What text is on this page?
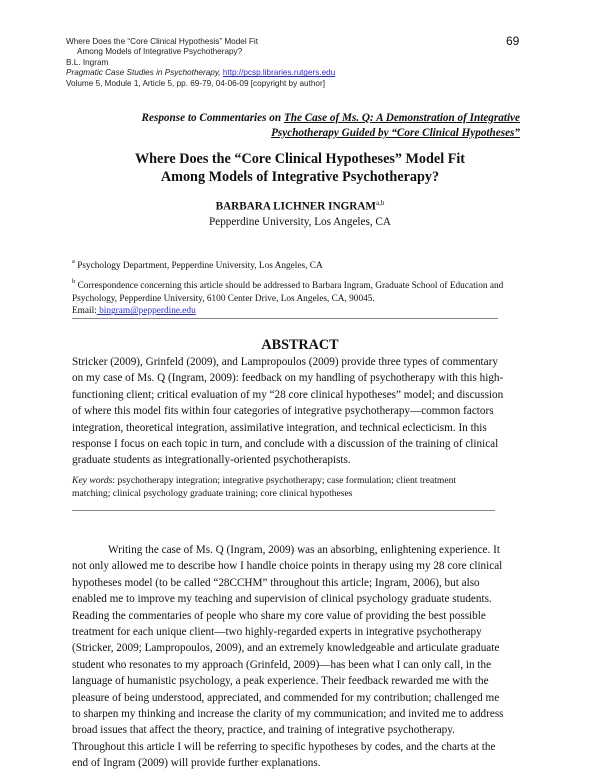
Where Does the “Core Clinical Hypothesis” Model Fit
Among Models of Integrative Psychotherapy?
B.L. Ingram
Pragmatic Case Studies in Psychotherapy, http://pcsp.libraries.rutgers.edu
Volume 5, Module 1, Article 5, pp. 69-79, 04-06-09 [copyright by author]
69
Response to Commentaries on The Case of Ms. Q: A Demonstration of Integrative
Psychotherapy Guided by “Core Clinical Hypotheses”
Where Does the “Core Clinical Hypotheses” Model Fit
Among Models of Integrative Psychotherapy?
BARBARA LICHNER INGRAM$^{a,b}$
Pepperdine University, Los Angeles, CA
$^a$ Psychology Department, Pepperdine University, Los Angeles, CA
$^b$ Correspondence concerning this article should be addressed to Barbara Ingram, Graduate School of Education and
Psychology, Pepperdine University, 6100 Center Drive, Los Angeles, CA, 90045.
Email: bingram@pepperdine.edu
ABSTRACT
Stricker (2009), Grinfeld (2009), and Lampropoulos (2009) provide three types of commentary
on my case of Ms. Q (Ingram, 2009): feedback on my handling of psychotherapy with this high-
functioning client; critical evaluation of my “28 core clinical hypotheses” model; and discussion
of where this model fits within four categories of integrative psychotherapy—common factors
integration, theoretical integration, assimilative integration, and technical eclecticism. In this
response I focus on each topic in turn, and conclude with a discussion of the training of clinical
graduate students as integrationally-oriented psychotherapists.
Key words: psychotherapy integration; integrative psychotherapy; case formulation; client treatment
matching; clinical psychology graduate training; core clinical hypotheses
Writing the case of Ms. Q (Ingram, 2009) was an absorbing, enlightening experience. It
not only allowed me to describe how I handle choice points in therapy using my 28 core clinical
hypotheses model (to be called “28CCHM” throughout this article; Ingram, 2006), but also
enabled me to improve my teaching and supervision of clinical psychology graduate students.
Reading the commentaries of people who share my core value of providing the best possible
treatment for each unique client—two highly-regarded experts in integrative psychotherapy
(Stricker, 2009; Lampropoulos, 2009), and an extremely knowledgeable and articulate graduate
student who resonates to my approach (Grinfeld, 2009)—has been what I can only call, in the
language of humanistic psychology, a peak experience. Their feedback rewarded me with the
pleasure of being understood, appreciated, and commended for my contribution; challenged me
to sharpen my thinking and increase the clarity of my communication; and invited me to address
broad issues that affect the theory, practice, and training of integrative psychotherapy.
Throughout this article I will be referring to specific hypotheses by codes, and the charts at the
end of Ingram (2009) will provide further explanations.
